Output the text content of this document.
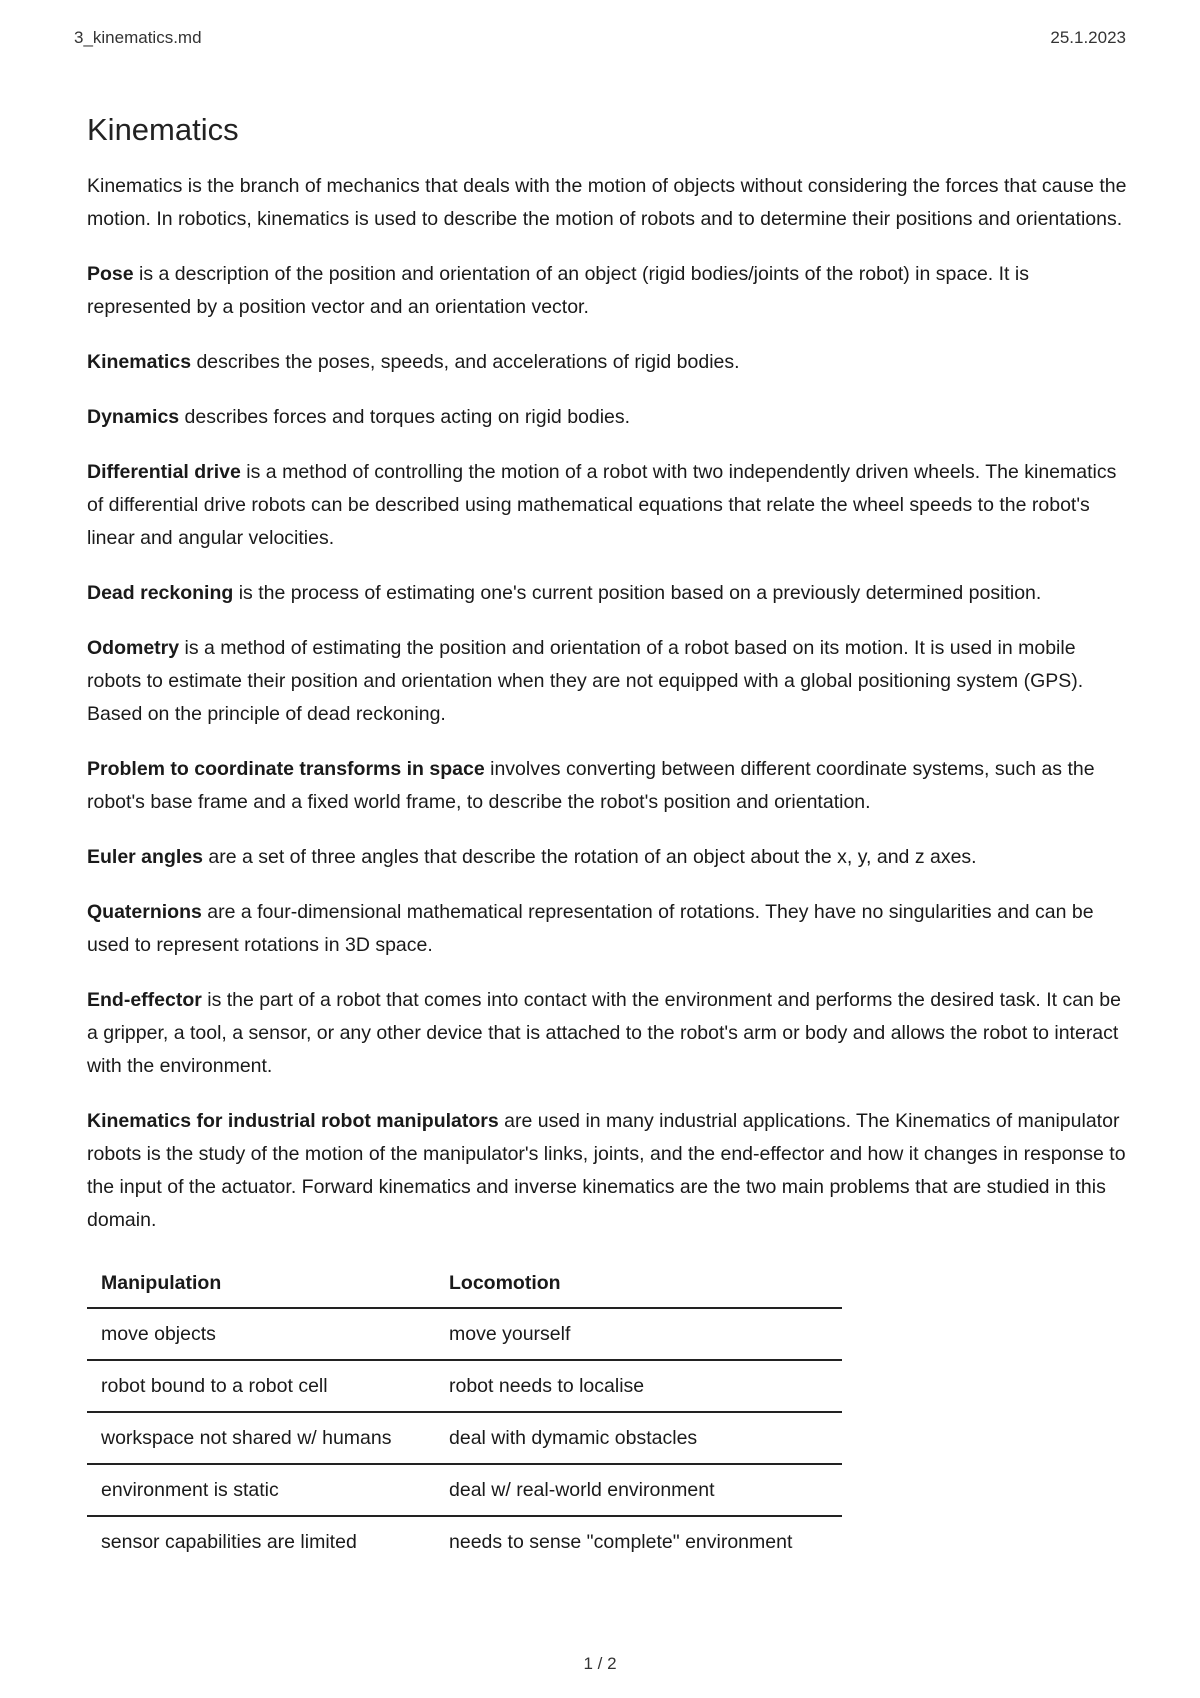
3_kinematics.md	25.1.2023
Kinematics

Kinematics is the branch of mechanics that deals with the motion of objects without considering the forces that cause the motion. In robotics, kinematics is used to describe the motion of robots and to determine their positions and orientations.

Pose is a description of the position and orientation of an object (rigid bodies/joints of the robot) in space. It is represented by a position vector and an orientation vector.

Kinematics describes the poses, speeds, and accelerations of rigid bodies.

Dynamics describes forces and torques acting on rigid bodies.

Differential drive is a method of controlling the motion of a robot with two independently driven wheels. The kinematics of differential drive robots can be described using mathematical equations that relate the wheel speeds to the robot's linear and angular velocities.

Dead reckoning is the process of estimating one's current position based on a previously determined position.

Odometry is a method of estimating the position and orientation of a robot based on its motion. It is used in mobile robots to estimate their position and orientation when they are not equipped with a global positioning system (GPS). Based on the principle of dead reckoning.

Problem to coordinate transforms in space involves converting between different coordinate systems, such as the robot's base frame and a fixed world frame, to describe the robot's position and orientation.

Euler angles are a set of three angles that describe the rotation of an object about the x, y, and z axes.

Quaternions are a four-dimensional mathematical representation of rotations. They have no singularities and can be used to represent rotations in 3D space.

End-effector is the part of a robot that comes into contact with the environment and performs the desired task. It can be a gripper, a tool, a sensor, or any other device that is attached to the robot's arm or body and allows the robot to interact with the environment.

Kinematics for industrial robot manipulators are used in many industrial applications. The Kinematics of manipulator robots is the study of the motion of the manipulator's links, joints, and the end-effector and how it changes in response to the input of the actuator. Forward kinematics and inverse kinematics are the two main problems that are studied in this domain.

Manipulation	Locomotion
move objects	move yourself
robot bound to a robot cell	robot needs to localise
workspace not shared w/ humans	deal with dymamic obstacles
environment is static	deal w/ real-world environment
sensor capabilities are limited	needs to sense "complete" environment
1 / 2
